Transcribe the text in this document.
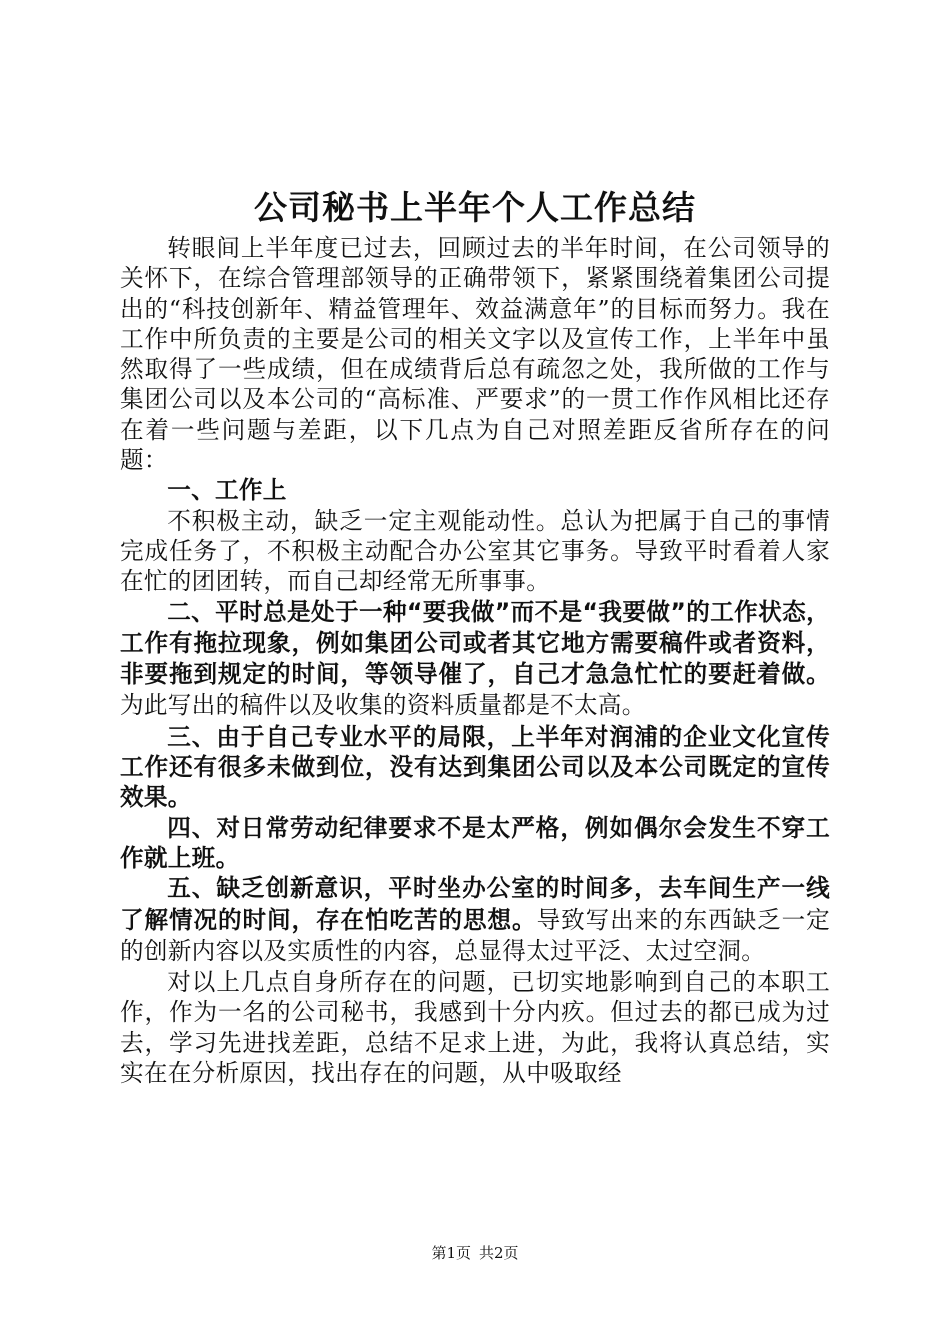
公司秘书上半年个人工作总结

转眼间上半年度已过去，回顾过去的半年时间，在公司领导的关怀下，在综合管理部领导的正确带领下，紧紧围绕着集团公司提出的“科技创新年、精益管理年、效益满意年”的目标而努力。我在工作中所负责的主要是公司的相关文字以及宣传工作，上半年中虽然取得了一些成绩，但在成绩背后总有疏忽之处，我所做的工作与集团公司以及本公司的“高标准、严要求”的一贯工作作风相比还存在着一些问题与差距，以下几点为自己对照差距反省所存在的问题：

一、工作上

不积极主动，缺乏一定主观能动性。总认为把属于自己的事情完成任务了，不积极主动配合办公室其它事务。导致平时看着人家在忙的团团转，而自己却经常无所事事。

二、平时总是处于一种“要我做”而不是“我要做”的工作状态，工作有拖拉现象，例如集团公司或者其它地方需要稿件或者资料，非要拖到规定的时间，等领导催了，自己才急急忙忙的要赶着做。为此写出的稿件以及收集的资料质量都是不太高。

三、由于自己专业水平的局限，上半年对润浦的企业文化宣传工作还有很多未做到位，没有达到集团公司以及本公司既定的宣传效果。

四、对日常劳动纪律要求不是太严格，例如偶尔会发生不穿工作就上班。

五、缺乏创新意识，平时坐办公室的时间多，去车间生产一线了解情况的时间，存在怕吃苦的思想。导致写出来的东西缺乏一定的创新内容以及实质性的内容，总显得太过平泛、太过空洞。

对以上几点自身所存在的问题，已切实地影响到自己的本职工作，作为一名的公司秘书，我感到十分内疚。但过去的都已成为过去，学习先进找差距，总结不足求上进，为此，我将认真总结，实实在在分析原因，找出存在的问题，从中吸取经

第1页 共2页
